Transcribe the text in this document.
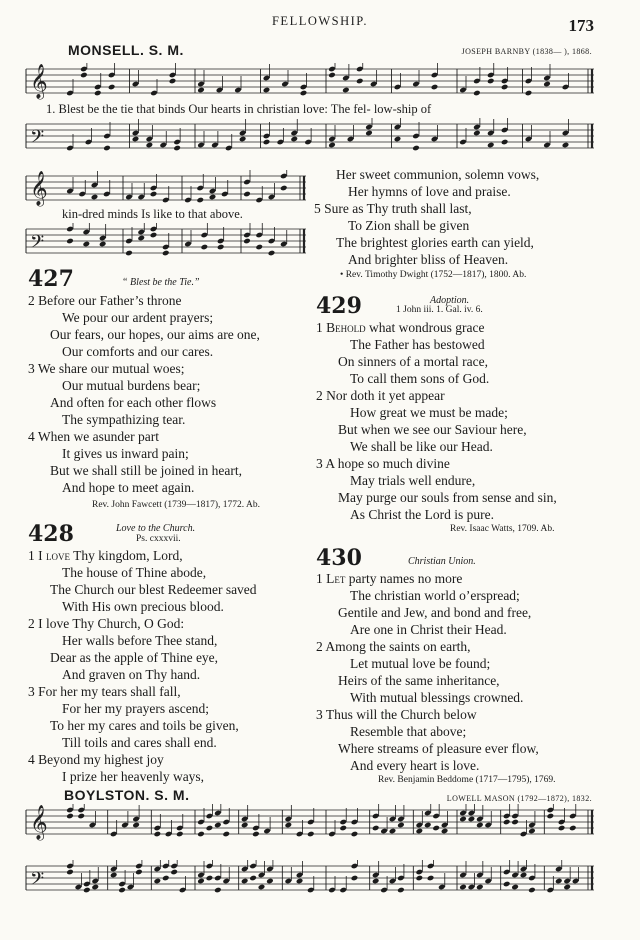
FELLOWSHIP.	173
MONSELL. S. M.	JOSEPH BARNBY (1838— ), 1868.
𝄞
1. Blest be the tie that binds Our hearts in christian love: The fel- low-ship of
𝄢
𝄞
kin-dred minds Is like to that above.
𝄢
427	“ Blest be the Tie.”
2 Before our Father’s throne
We pour our ardent prayers;
Our fears, our hopes, our aims are one,
Our comforts and our cares.
3 We share our mutual woes;
Our mutual burdens bear;
And often for each other flows
The sympathizing tear.
4 When we asunder part
It gives us inward pain;
But we shall still be joined in heart,
And hope to meet again.
Rev. John Fawcett (1739—1817), 1772. Ab.
428	Love to the Church.
Ps. cxxxvii.
1 I love Thy kingdom, Lord,
The house of Thine abode,
The Church our blest Redeemer saved
With His own precious blood.
2 I love Thy Church, O God:
Her walls before Thee stand,
Dear as the apple of Thine eye,
And graven on Thy hand.
3 For her my tears shall fall,
For her my prayers ascend;
To her my cares and toils be given,
Till toils and cares shall end.
4 Beyond my highest joy
I prize her heavenly ways,
Her sweet communion, solemn vows,
Her hymns of love and praise.
5 Sure as Thy truth shall last,
To Zion shall be given
The brightest glories earth can yield,
And brighter bliss of Heaven.
• Rev. Timothy Dwight (1752—1817), 1800. Ab.
429	Adoption.
1 John iii. 1. Gal. iv. 6.
1 Behold what wondrous grace
The Father has bestowed
On sinners of a mortal race,
To call them sons of God.
2 Nor doth it yet appear
How great we must be made;
But when we see our Saviour here,
We shall be like our Head.
3 A hope so much divine
May trials well endure,
May purge our souls from sense and sin,
As Christ the Lord is pure.
Rev. Isaac Watts, 1709. Ab.
430	Christian Union.
1 Let party names no more
The christian world o’erspread;
Gentile and Jew, and bond and free,
Are one in Christ their Head.
2 Among the saints on earth,
Let mutual love be found;
Heirs of the same inheritance,
With mutual blessings crowned.
3 Thus will the Church below
Resemble that above;
Where streams of pleasure ever flow,
And every heart is love.
Rev. Benjamin Beddome (1717—1795), 1769.
BOYLSTON. S. M.	LOWELL MASON (1792—1872), 1832.
𝄞
𝄢
